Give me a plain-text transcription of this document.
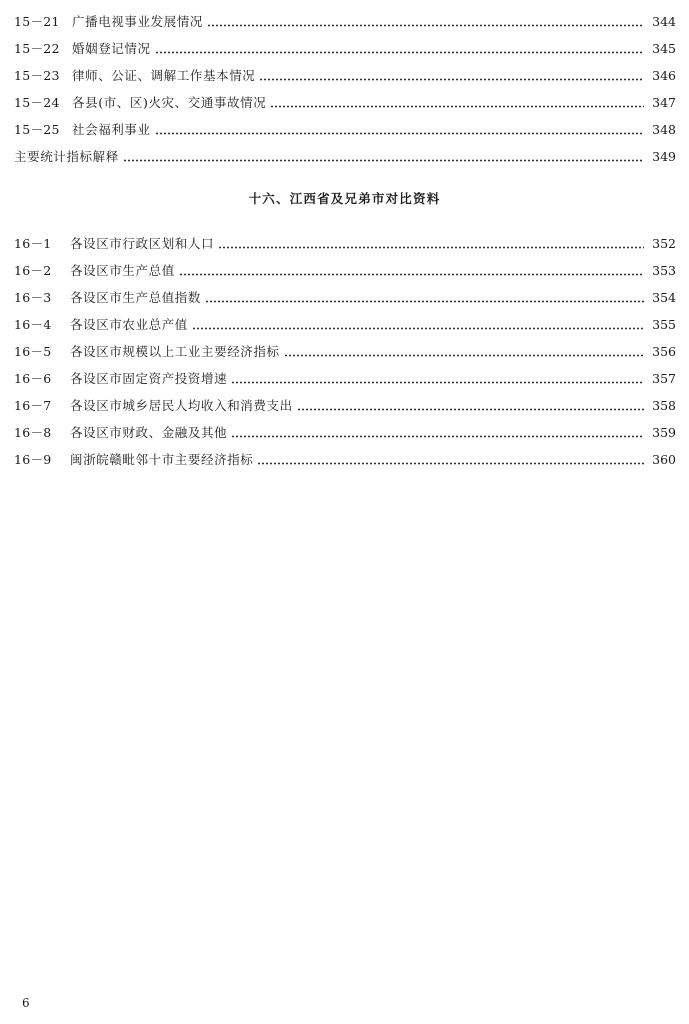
15－21 广播电视事业发展情况	344
15－22 婚姻登记情况	345
15－23 律师、公证、调解工作基本情况	346
15－24 各县(市、区)火灾、交通事故情况	347
15－25 社会福利事业	348
主要统计指标解释	349
十六、江西省及兄弟市对比资料
16－1	各设区市行政区划和人口	352
16－2	各设区市生产总值	353
16－3	各设区市生产总值指数	354
16－4	各设区市农业总产值	355
16－5	各设区市规模以上工业主要经济指标	356
16－6	各设区市固定资产投资增速	357
16－7	各设区市城乡居民人均收入和消费支出	358
16－8	各设区市财政、金融及其他	359
16－9	闽浙皖赣毗邻十市主要经济指标	360
6
